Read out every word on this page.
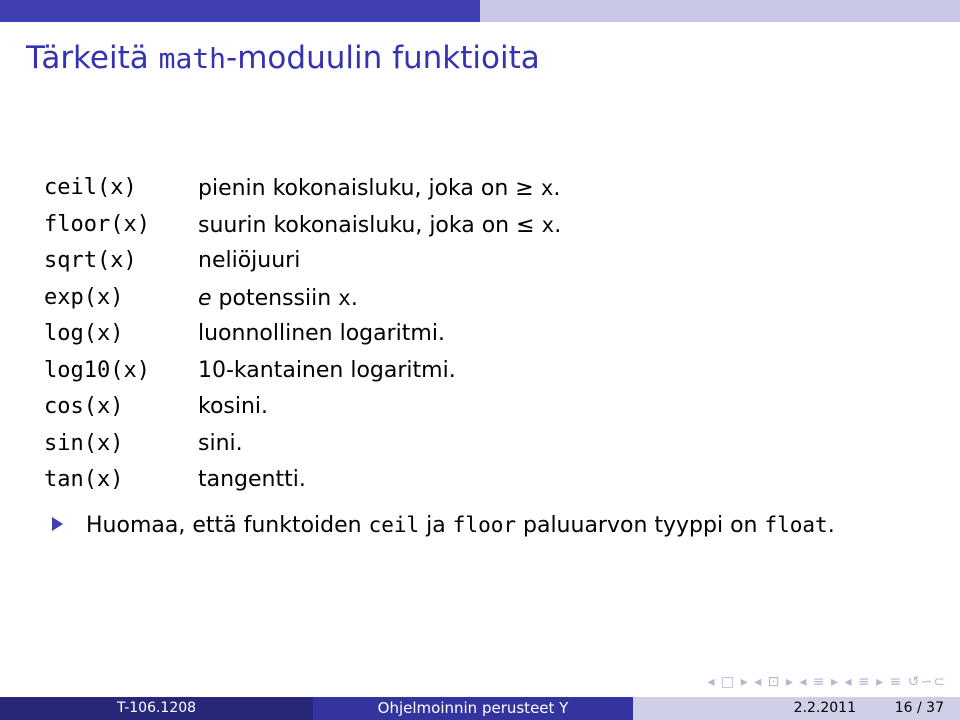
Tärkeitä math-moduulin funktioita
ceil(x)	pienin kokonaisluku, joka on ≥ x.
floor(x) suurin kokonaisluku, joka on ≤ x.
sqrt(x)	neliöjuuri
exp(x)	e potenssiin x.
log(x)	luonnollinen logaritmi.
log10(x) 10-kantainen logaritmi.
cos(x)	kosini.
sin(x)	sini.
tan(x)	tangentti.
Huomaa, että funktoiden ceil ja floor paluuarvon tyyppi on float.
◂ □ ▸ ◂ ⊡ ▸ ◂ ≡ ▸ ◂ ≡ ▸ ≡ ↺∽⊂
T-106.1208	Ohjelmoinnin perusteet Y	2.2.2011	16 / 37
